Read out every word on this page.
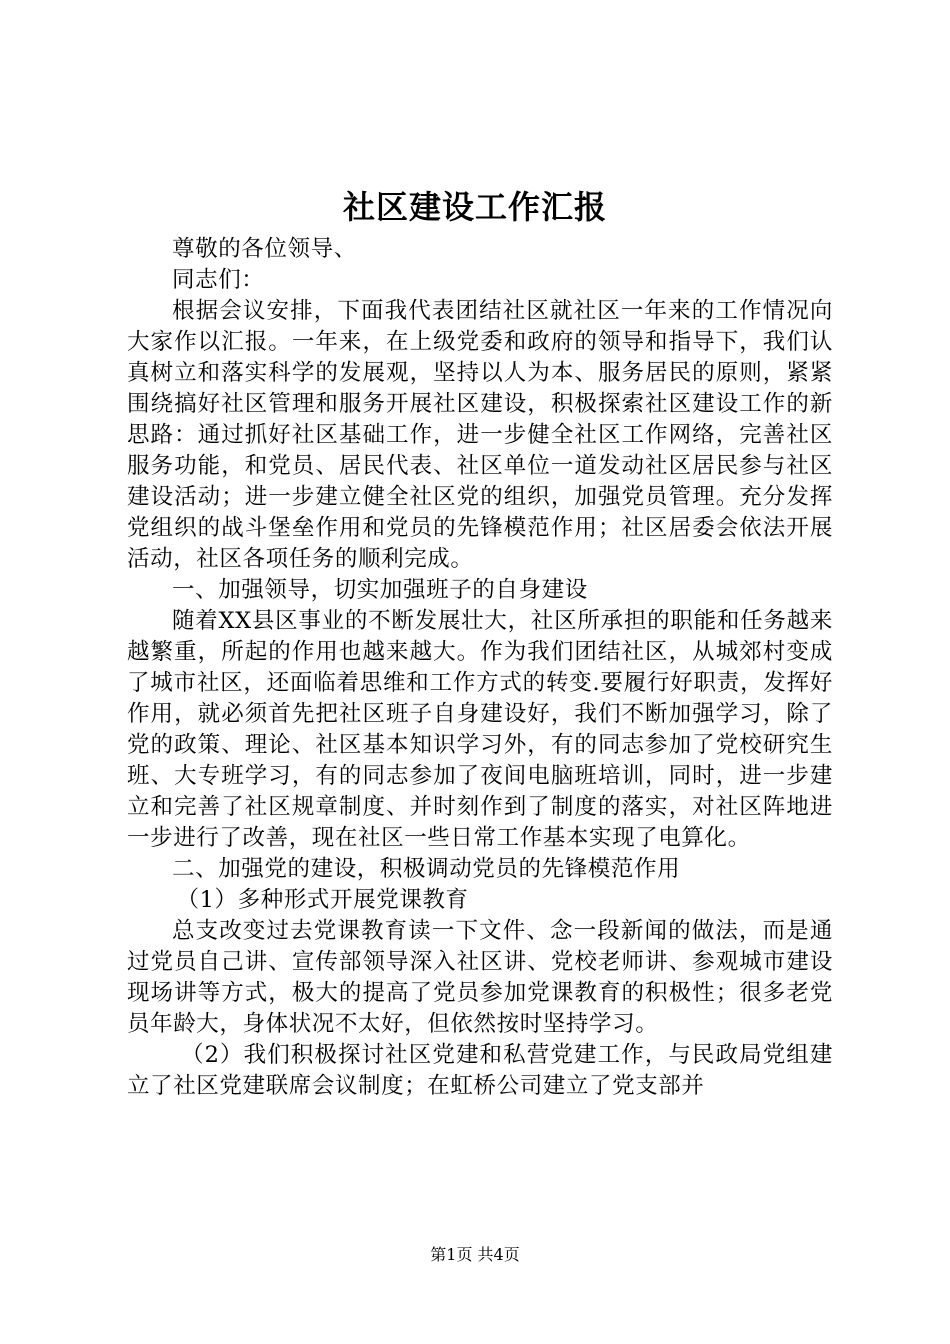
社区建设工作汇报

尊敬的各位领导、

同志们：

根据会议安排，下面我代表团结社区就社区一年来的工作情况向大家作以汇报。一年来，在上级党委和政府的领导和指导下，我们认真树立和落实科学的发展观，坚持以人为本、服务居民的原则，紧紧围绕搞好社区管理和服务开展社区建设，积极探索社区建设工作的新思路：通过抓好社区基础工作，进一步健全社区工作网络，完善社区服务功能，和党员、居民代表、社区单位一道发动社区居民参与社区建设活动；进一步建立健全社区党的组织，加强党员管理。充分发挥党组织的战斗堡垒作用和党员的先锋模范作用；社区居委会依法开展活动，社区各项任务的顺利完成。

一、加强领导，切实加强班子的自身建设

随着XX县区事业的不断发展壮大，社区所承担的职能和任务越来越繁重，所起的作用也越来越大。作为我们团结社区，从城郊村变成了城市社区，还面临着思维和工作方式的转变.要履行好职责，发挥好作用，就必须首先把社区班子自身建设好，我们不断加强学习，除了党的政策、理论、社区基本知识学习外，有的同志参加了党校研究生班、大专班学习，有的同志参加了夜间电脑班培训，同时，进一步建立和完善了社区规章制度、并时刻作到了制度的落实，对社区阵地进一步进行了改善，现在社区一些日常工作基本实现了电算化。

二、加强党的建设，积极调动党员的先锋模范作用

（1）多种形式开展党课教育

总支改变过去党课教育读一下文件、念一段新闻的做法，而是通过党员自己讲、宣传部领导深入社区讲、党校老师讲、参观城市建设现场讲等方式，极大的提高了党员参加党课教育的积极性；很多老党员年龄大，身体状况不太好，但依然按时坚持学习。

（2）我们积极探讨社区党建和私营党建工作，与民政局党组建立了社区党建联席会议制度；在虹桥公司建立了党支部并

第1页 共4页
